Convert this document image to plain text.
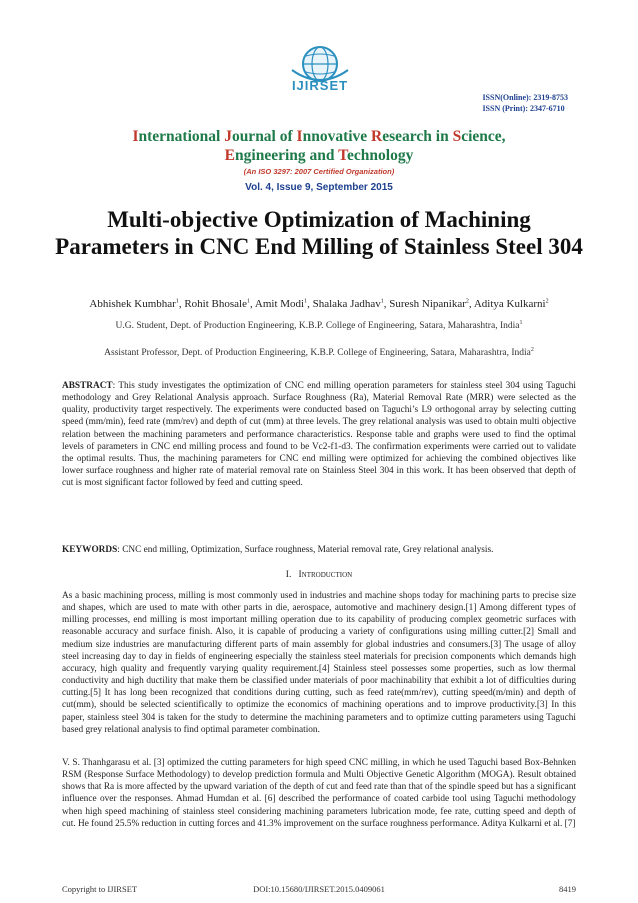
IJIRSET
ISSN(Online): 2319-8753
ISSN (Print): 2347-6710
International Journal of Innovative Research in Science,
Engineering and Technology
(An ISO 3297: 2007 Certified Organization)
Vol. 4, Issue 9, September 2015
Multi-objective Optimization of Machining Parameters in CNC End Milling of Stainless Steel 304
Abhishek Kumbhar$^1$, Rohit Bhosale$^1$, Amit Modi$^1$, Shalaka Jadhav$^1$, Suresh Nipanikar$^2$, Aditya Kulkarni$^2$
U.G. Student, Dept. of Production Engineering, K.B.P. College of Engineering, Satara, Maharashtra, India$^1$
Assistant Professor, Dept. of Production Engineering, K.B.P. College of Engineering, Satara, Maharashtra, India$^2$
ABSTRACT: This study investigates the optimization of CNC end milling operation parameters for stainless steel 304 using Taguchi methodology and Grey Relational Analysis approach. Surface Roughness (Ra), Material Removal Rate (MRR) were selected as the quality, productivity target respectively. The experiments were conducted based on Taguchi’s L9 orthogonal array by selecting cutting speed (mm/min), feed rate (mm/rev) and depth of cut (mm) at three levels. The grey relational analysis was used to obtain multi objective relation between the machining parameters and performance characteristics. Response table and graphs were used to find the optimal levels of parameters in CNC end milling process and found to be Vc2-f1-d3. The confirmation experiments were carried out to validate the optimal results. Thus, the machining parameters for CNC end milling were optimized for achieving the combined objectives like lower surface roughness and higher rate of material removal rate on Stainless Steel 304 in this work. It has been observed that depth of cut is most significant factor followed by feed and cutting speed.
KEYWORDS: CNC end milling, Optimization, Surface roughness, Material removal rate, Grey relational analysis.
I. Introduction
As a basic machining process, milling is most commonly used in industries and machine shops today for machining parts to precise size and shapes, which are used to mate with other parts in die, aerospace, automotive and machinery design.[1] Among different types of milling processes, end milling is most important milling operation due to its capability of producing complex geometric surfaces with reasonable accuracy and surface finish. Also, it is capable of producing a variety of configurations using milling cutter.[2] Small and medium size industries are manufacturing different parts of main assembly for global industries and consumers.[3] The usage of alloy steel increasing day to day in fields of engineering especially the stainless steel materials for precision components which demands high accuracy, high quality and frequently varying quality requirement.[4] Stainless steel possesses some properties, such as low thermal conductivity and high ductility that make them be classified under materials of poor machinability that exhibit a lot of difficulties during cutting.[5] It has long been recognized that conditions during cutting, such as feed rate(mm/rev), cutting speed(m/min) and depth of cut(mm), should be selected scientifically to optimize the economics of machining operations and to improve productivity.[3] In this paper, stainless steel 304 is taken for the study to determine the machining parameters and to optimize cutting parameters using Taguchi based grey relational analysis to find optimal parameter combination.
V. S. Thanhgarasu et al. [3] optimized the cutting parameters for high speed CNC milling, in which he used Taguchi based Box-Behnken RSM (Response Surface Methodology) to develop prediction formula and Multi Objective Genetic Algorithm (MOGA). Result obtained shows that Ra is more affected by the upward variation of the depth of cut and feed rate than that of the spindle speed but has a significant influence over the responses. Ahmad Humdan et al. [6] described the performance of coated carbide tool using Taguchi methodology when high speed machining of stainless steel considering machining parameters lubrication mode, fee rate, cutting speed and depth of cut. He found 25.5% reduction in cutting forces and 41.3% improvement on the surface roughness performance. Aditya Kulkarni et al. [7]
Copyright to IJIRSET	DOI:10.15680/IJIRSET.2015.0409061	8419
